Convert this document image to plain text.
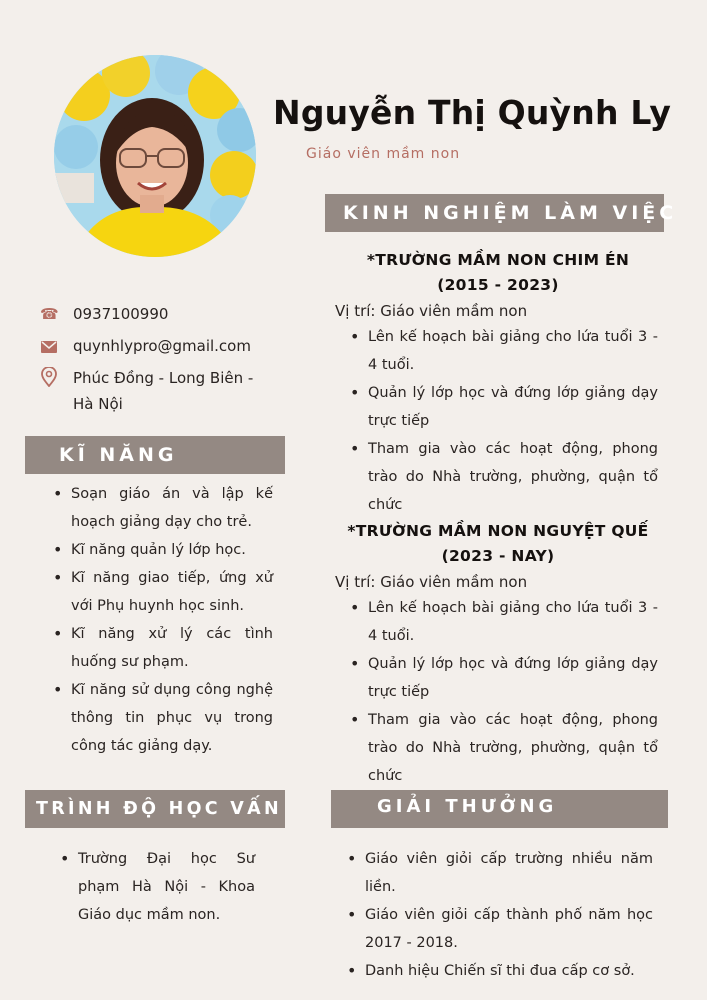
Nguyễn Thị Quỳnh Ly
Giáo viên mầm non
☎ 0937100990
quynhlypro@gmail.com
Phúc Đồng - Long Biên -
Hà Nội
KINH NGHIỆM LÀM VIỆC
KĨ NĂNG
TRÌNH ĐỘ HỌC VẤN	GIẢI THƯỞNG
*TRƯỜNG MẦM NON CHIM ÉN
(2015 - 2023)
Vị trí: Giáo viên mầm non
• Lên kế hoạch bài giảng cho lứa tuổi 3 - 4 tuổi.
• Quản lý lớp học và đứng lớp giảng dạy trực tiếp
• Tham gia vào các hoạt động, phong trào do Nhà trường, phường, quận tổ chức
*TRƯỜNG MẦM NON NGUYỆT QUẾ
(2023 - NAY)
Vị trí: Giáo viên mầm non
• Lên kế hoạch bài giảng cho lứa tuổi 3 - 4 tuổi.
• Quản lý lớp học và đứng lớp giảng dạy trực tiếp
• Tham gia vào các hoạt động, phong trào do Nhà trường, phường, quận tổ chức
• Soạn giáo án và lập kế hoạch giảng dạy cho trẻ.
• Kĩ năng quản lý lớp học.
• Kĩ năng giao tiếp, ứng xử với Phụ huynh học sinh.
• Kĩ năng xử lý các tình huống sư phạm.
• Kĩ năng sử dụng công nghệ thông tin phục vụ trong công tác giảng dạy.
• Trường Đại học Sư phạm Hà Nội - Khoa Giáo dục mầm non.
• Giáo viên giỏi cấp trường nhiều năm liền.
• Giáo viên giỏi cấp thành phố năm học 2017 - 2018.
• Danh hiệu Chiến sĩ thi đua cấp cơ sở.
